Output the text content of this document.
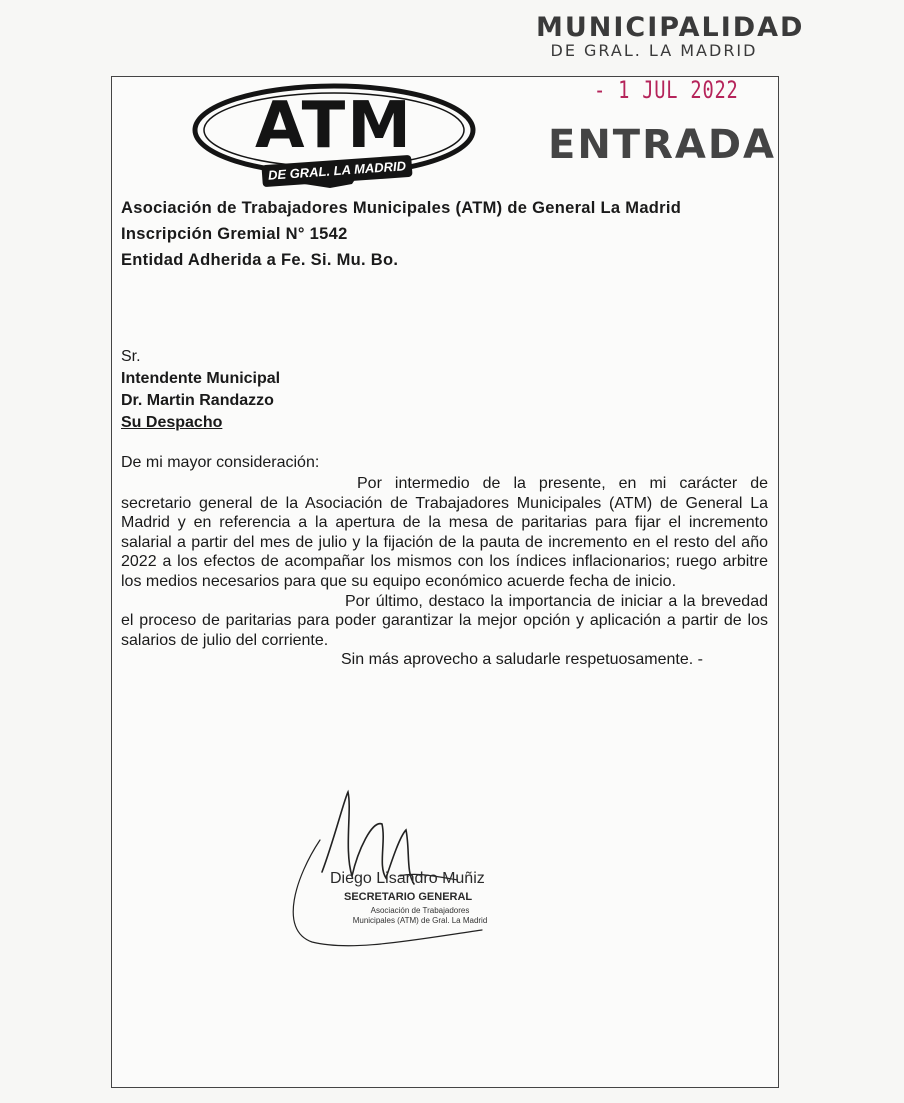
MUNICIPALIDAD
DE GRAL. LA MADRID
- 1 JUL 2022
ENTRADA
ATM
DE GRAL. LA MADRID
Asociación de Trabajadores Municipales (ATM) de General La Madrid
Inscripción Gremial N° 1542
Entidad Adherida a Fe. Si. Mu. Bo.
Sr.
Intendente Municipal
Dr. Martin Randazzo
Su Despacho
De mi mayor consideración:

Por intermedio de la presente, en mi carácter de secretario general de la Asociación de Trabajadores Municipales (ATM) de General La Madrid y en referencia a la apertura de la mesa de paritarias para fijar el incremento salarial a partir del mes de julio y la fijación de la pauta de incremento en el resto del año 2022 a los efectos de acompañar los mismos con los índices inflacionarios; ruego arbitre los medios necesarios para que su equipo económico acuerde fecha de inicio.

Por último, destaco la importancia de iniciar a la brevedad el proceso de paritarias para poder garantizar la mejor opción y aplicación a partir de los salarios de julio del corriente.

Sin más aprovecho a saludarle respetuosamente. -

Diego Lisandro Muñiz
SECRETARIO GENERAL
Asociación de Trabajadores
Municipales (ATM) de Gral. La Madrid
